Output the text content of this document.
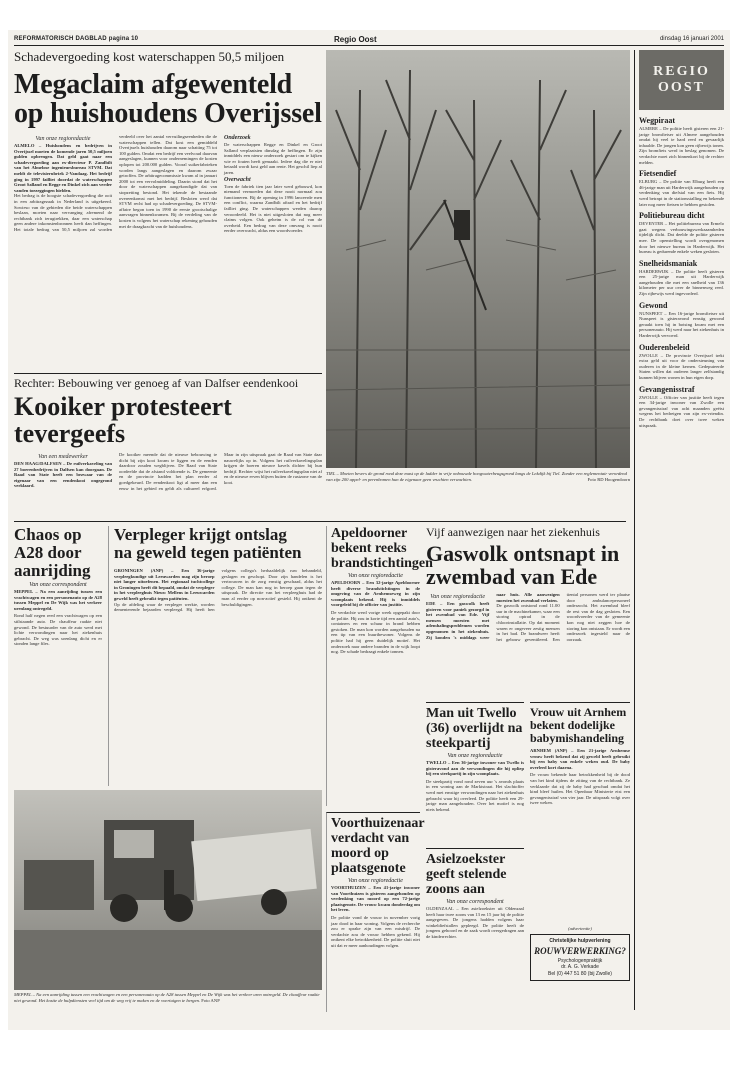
REFORMATORISCH DAGBLAD pagina 10	Regio Oost	dinsdag 16 januari 2001
Schadevergoeding kost waterschappen 50,5 miljoen
Megaclaim afgewenteld
op huishoudens Overijssel
Van onze regioredactie

ALMELO – Huishoudens en bedrijven in Overijssel moeten de komende jaren 50,5 miljoen gulden opbrengen. Dat geld gaat naar een schadevergoeding aan ex-directeur P. Zandbilt van het Almelose ingenieursbureau STVM. Dat meldt de televisierubriek 2-Vandaag. Het bedrijf ging in 1997 failliet doordat de waterschappen Groot Salland en Regge en Dinkel zich aan verder vanden toezeggingen hielden.

Het bedrag is de hoogste schadevergoeding die ooit in een arbitragezaak in Nederland is uitgekeerd. Sowieso van de gebieden die beide waterschappen beslaan, moeten naar vervanging afremend de rechtbank zich terugtrekken, daar een waterschap geen andere inkomstenbronnen heeft dan heffingen. Het totale bedrag van 50,5 miljoen zal worden verdeeld over het aantal vervuilingseenheden die de waterschappen tellen. Dat kost een gemiddeld Overijssels huishouden daarom naar schatting 75 tot 100 gulden. Omdat een bedrijf een veelvoud daarvan aangeslagen, kunnen voor ondernemingen de kosten oplopen tot 200.000 gulden. Vooral suikerfabrieken worden langs aangeslagen en daarom zwaar getroffen. De arbitragecommissie kwam al in januari 2000 tot een vervolmiddeling. Daarin stond dat het door de waterschappen aangekondigde dat van stopzetting bestond. Het tekende de bestaande overeenkomst met het bedrijf. Besloten werd dat STVM recht had op schadevergoeding. De STVM-affaire begon toen in 1990 de eerste grootschalige aanvragen binnenkwamen. Bij de verdeling van de kosten is volgens het waterschap rekening gehouden met de draagkracht van de huishoudens.

Onderzoek

De waterschappen Regge en Dinkel en Groot Salland verplaatsten dinsdag de heffingen. Er zijn inmiddels een nieuw onderzoek gestart om te kijken wie er fouten heeft gemaakt. Iedere dag die er niet betaald wordt kost geld aan rente. Het geschil liep al jaren.

Overwacht

Toen de fabriek tien jaar later werd gebouwd, kon niemand vermoeden dat deze nooit normaal zou functioneren. Bij de opening in 1996 lanceerde men een conflict, waarna Zandbilt aftrad en het bedrijf failliet ging. De waterschappen werden daarop veroordeeld. Het is niet uitgesloten dat nog meer claims volgen. Ook geheim is de rol van de overheid. Een bedrag van deze omvang is nooit eerder overwacht, aldus een woordvoerder.

TIEL – Moeten bevers de grond rond deze mast op de ladder in vrije onbouwde hoogwaterbeugsgrond langs de Lekdijk bij Tiel. Zonder een reglementair verordend van zijn 200 appel- en perenbomen hun de eigenaar geen vruchten verwachten.	Foto RD Hoogendoorn
REGIO OOST
Wegpiraat

ALMERE – De politie heeft gisteren een 21-jarige bromfietser uit Almere aangehouden omdat hij veel te hard reed en gevaarlijk inhaalde. De jongen kon geen rijbewijs tonen. Zijn bromfiets werd in beslag genomen. De verdachte moet zich binnenkort bij de rechter melden.

Fietsendief

ELBURG – De politie van Elburg heeft een 46-jarige man uit Harderwijk aangehouden op verdenking van diefstal van een fiets. Hij werd betrapt in de stationsstalling en bekende later nog meer fietsen te hebben gestolen.

Politiebureau dicht

DEVENTER – Het politiebureau van Ermelo gaat wegens verbouwingswerkzaamheden tijdelijk dicht. Dat deelde de politie gisteren mee. De openstelling wordt overgenomen door het nieuwe bureau in Harderwijk. Het bureau is gedurende enkele weken gesloten.

Snelheidsmaniak

HARDERWIJK – De politie heeft gisteren een 25-jarige man uit Harderwijk aangehouden die met een snelheid van 136 kilometer per uur over de binnenweg reed. Zijn rijbewijs werd ingevorderd.

Gewond

NUNSPEET – Een 16-jarige bromfietser uit Nunspeet is gisteravond ernstig gewond geraakt toen hij in botsing kwam met een personenauto. Hij werd naar het ziekenhuis in Harderwijk vervoerd.

Ouderenbeleid

ZWOLLE – De provincie Overijssel trekt extra geld uit voor de ondersteuning van ouderen in de kleine kernen. Gedeputeerde Staten willen dat ouderen langer zelfstandig kunnen blijven wonen in hun eigen dorp.

Gevangenisstraf

ZWOLLE – Officier van justitie heeft tegen een 34-jarige inwoner van Zwolle een gevangenisstraf van acht maanden geëist wegens het bedreigen van zijn ex-vriendin. De rechtbank doet over twee weken uitspraak.

Rechter: Bebouwing ver genoeg af van Dalfser eendenkooi
Kooiker protesteert tevergeefs
Van een medewerker

DEN HAAG/DALFSEN – De ruilverkaveling van 27 boerenbedrijven in Dalfsen kan doorgaan. De Raad van State heeft een bezwaar van de eigenaar van een eendenkooi ongegrond verklaard.

De kooiker meende dat de nieuwe bebouwing te dicht bij zijn kooi kwam te liggen en de eenden daardoor zouden wegblijven. De Raad van State oordeelde dat de afstand voldoende is. De gemeente en de provincie hadden het plan eerder al goedgekeurd. De eendenkooi ligt al meer dan een eeuw in het gebied en geldt als cultureel erfgoed. Maar in zijn uitspraak gaat de Raad van State daar nauwelijks op in. Volgens het ruilverkavelingsplan krijgen de boeren nieuwe kavels dichter bij hun bedrijf. Rechter wijst het ruilverkavelingsplan niet af en de nieuwe erven blijven buiten de rustzone van de kooi.

Chaos op A28 door aanrijding
Van onze correspondent

MEPPEL – Na een aanrijding tussen een vrachtwagen en een personenauto op de A28 tussen Meppel en De Wijk was het verkeer urenlang ontregeld.

Rond half negen reed een vrachtwagen op een stilstaande auto. De chauffeur raakte niet gewond. De bestuurder van de auto werd met lichte verwondingen naar het ziekenhuis gebracht. De weg was urenlang dicht en er stonden lange files.

Verpleger krijgt ontslag
na geweld tegen patiënten

GRONINGEN (ANP) – Een 36-jarige verpleegkundige uit Leeuwarden mag zijn beroep niet langer uitoefenen. Het regionaal tuchtcollege in Groningen heeft dit bepaald, omdat de verpleger in het verpleeghuis Nieuw Mellens in Leeuwarden geweld heeft gebruikt tegen patiënten.

Op de afdeling waar de verpleger werkte, worden dementerende bejaarden verpleegd. Hij heeft hen volgens collega's herhaaldelijk ruw behandeld, geslagen en geschopt. Door zijn handelen is het vertrouwen in de zorg ernstig geschaad, aldus het college. De man kan nog in beroep gaan tegen de uitspraak. De directie van het verpleeghuis had de man al eerder op non-actief gesteld. Hij ontkent de beschuldigingen.

Apeldoorner bekent reeks brandstichtingen
Van onze regioredactie

APELDOORN – Een 32-jarige Apeldoorner heeft diverse brandstichtingen in de omgeving van de Arnhemseweg in zijn woonplaats bekend. Hij is inmiddels voorgeleid bij de officier van justitie.

De verdachte werd vorige week opgepakt door de politie. Hij zou in korte tijd een aantal auto's, containers en een schuur in brand hebben gestoken. De man kon worden aangehouden na een tip van een buurtbewoner. Volgens de politie had hij geen duidelijk motief. Het onderzoek naar andere branden in de wijk loopt nog. De schade bedraagt enkele tonnen.

Vijf aanwezigen naar het ziekenhuis
Gaswolk ontsnapt in
zwembad van Ede
Van onze regioredactie

EDE – Een gaswolk heeft gisteren voor paniek gezorgd in het zwembad van Ede. Vijf mensen moesten met ademhalingsproblemen worden opgenomen in het ziekenhuis. Zij konden 's middags weer naar huis. Alle aanwezigen moesten het zwembad verlaten.

De gaswolk ontstond rond 11.00 uur in de machinekamer, waar een storing optrad in de chloorinstallatie. Op dat moment waren er ongeveer zestig mensen in het bad. De brandweer heeft het gebouw geventileerd. Een tiental personen werd ter plaatse door ambulancepersoneel onderzocht. Het zwembad bleef de rest van de dag gesloten. Een woordvoerder van de gemeente kon nog niet zeggen hoe de storing kon ontstaan. Er wordt een onderzoek ingesteld naar de oorzaak.

Man uit Twello (36) overlijdt na steekpartij
Van onze regioredactie

TWELLO – Een 36-jarige inwoner van Twello is gisteravond aan de verwondingen die hij opliep bij een steekpartij in zijn woonplaats.

De steekpartij vond rond zeven uur 's avonds plaats in een woning aan de Marktstraat. Het slachtoffer werd met ernstige verwondingen naar het ziekenhuis gebracht waar hij overleed. De politie heeft een 29-jarige man aangehouden. Over het motief is nog niets bekend.

Vrouw uit Arnhem bekent dodelijke babymishandeling

ARNHEM (ANP) – Een 21-jarige Arnhemse vrouw heeft bekend dat zij geweld heeft gebruikt bij een baby van enkele weken oud. De baby overleed kort daarna.

De vrouw bekende haar betrokkenheid bij de dood van het kind tijdens de zitting van de rechtbank. Ze verklaarde dat zij de baby had geschud omdat het kind bleef huilen. Het Openbaar Ministerie eist een gevangenisstraf van vier jaar. De uitspraak volgt over twee weken.

Voorthuizenaar verdacht van moord op plaatsgenote
Van onze regioredactie

VOORTHUIZEN – Een 41-jarige inwoner van Voorthuizen is gisteren aangehouden op verdenking van moord op een 72-jarige plaatsgenote. De vrouw kwam donderdag om het leven.

De politie vond de vrouw in november vorig jaar dood in haar woning. Volgens de recherche zou er sprake zijn van een misdrijf. De verdachte zou de vrouw hebben gekend. Hij ontkent elke betrokkenheid. De politie sluit niet uit dat er meer aanhoudingen volgen.

Asielzoekster geeft stelende zoons aan
Van onze correspondent

OLDENZAAL – Een asielzoekster uit Oldenzaal heeft haar twee zoons van 13 en 15 jaar bij de politie aangegeven. De jongens hadden volgens haar winkeldiefstallen gepleegd. De politie heeft de jongens gehoord en de zaak wordt overgedragen aan de kinderrechter.

(advertentie)
Christelijke hulpverlening
ROUWVERWERKING?
Psychologenpraktijk
dr. A. G. Verkade
Bel (0) 447 51 80 (bij Zwolle)
MEPPEL – Na een aanrijding tussen een vrachtwagen en een personenauto op de A28 tussen Meppel en De Wijk was het verkeer uren ontregeld. De chauffeur raakte niet gewond. Het kostte de hulpdiensten veel tijd om de weg vrij te maken en de voertuigen te bergen. Foto ANP
